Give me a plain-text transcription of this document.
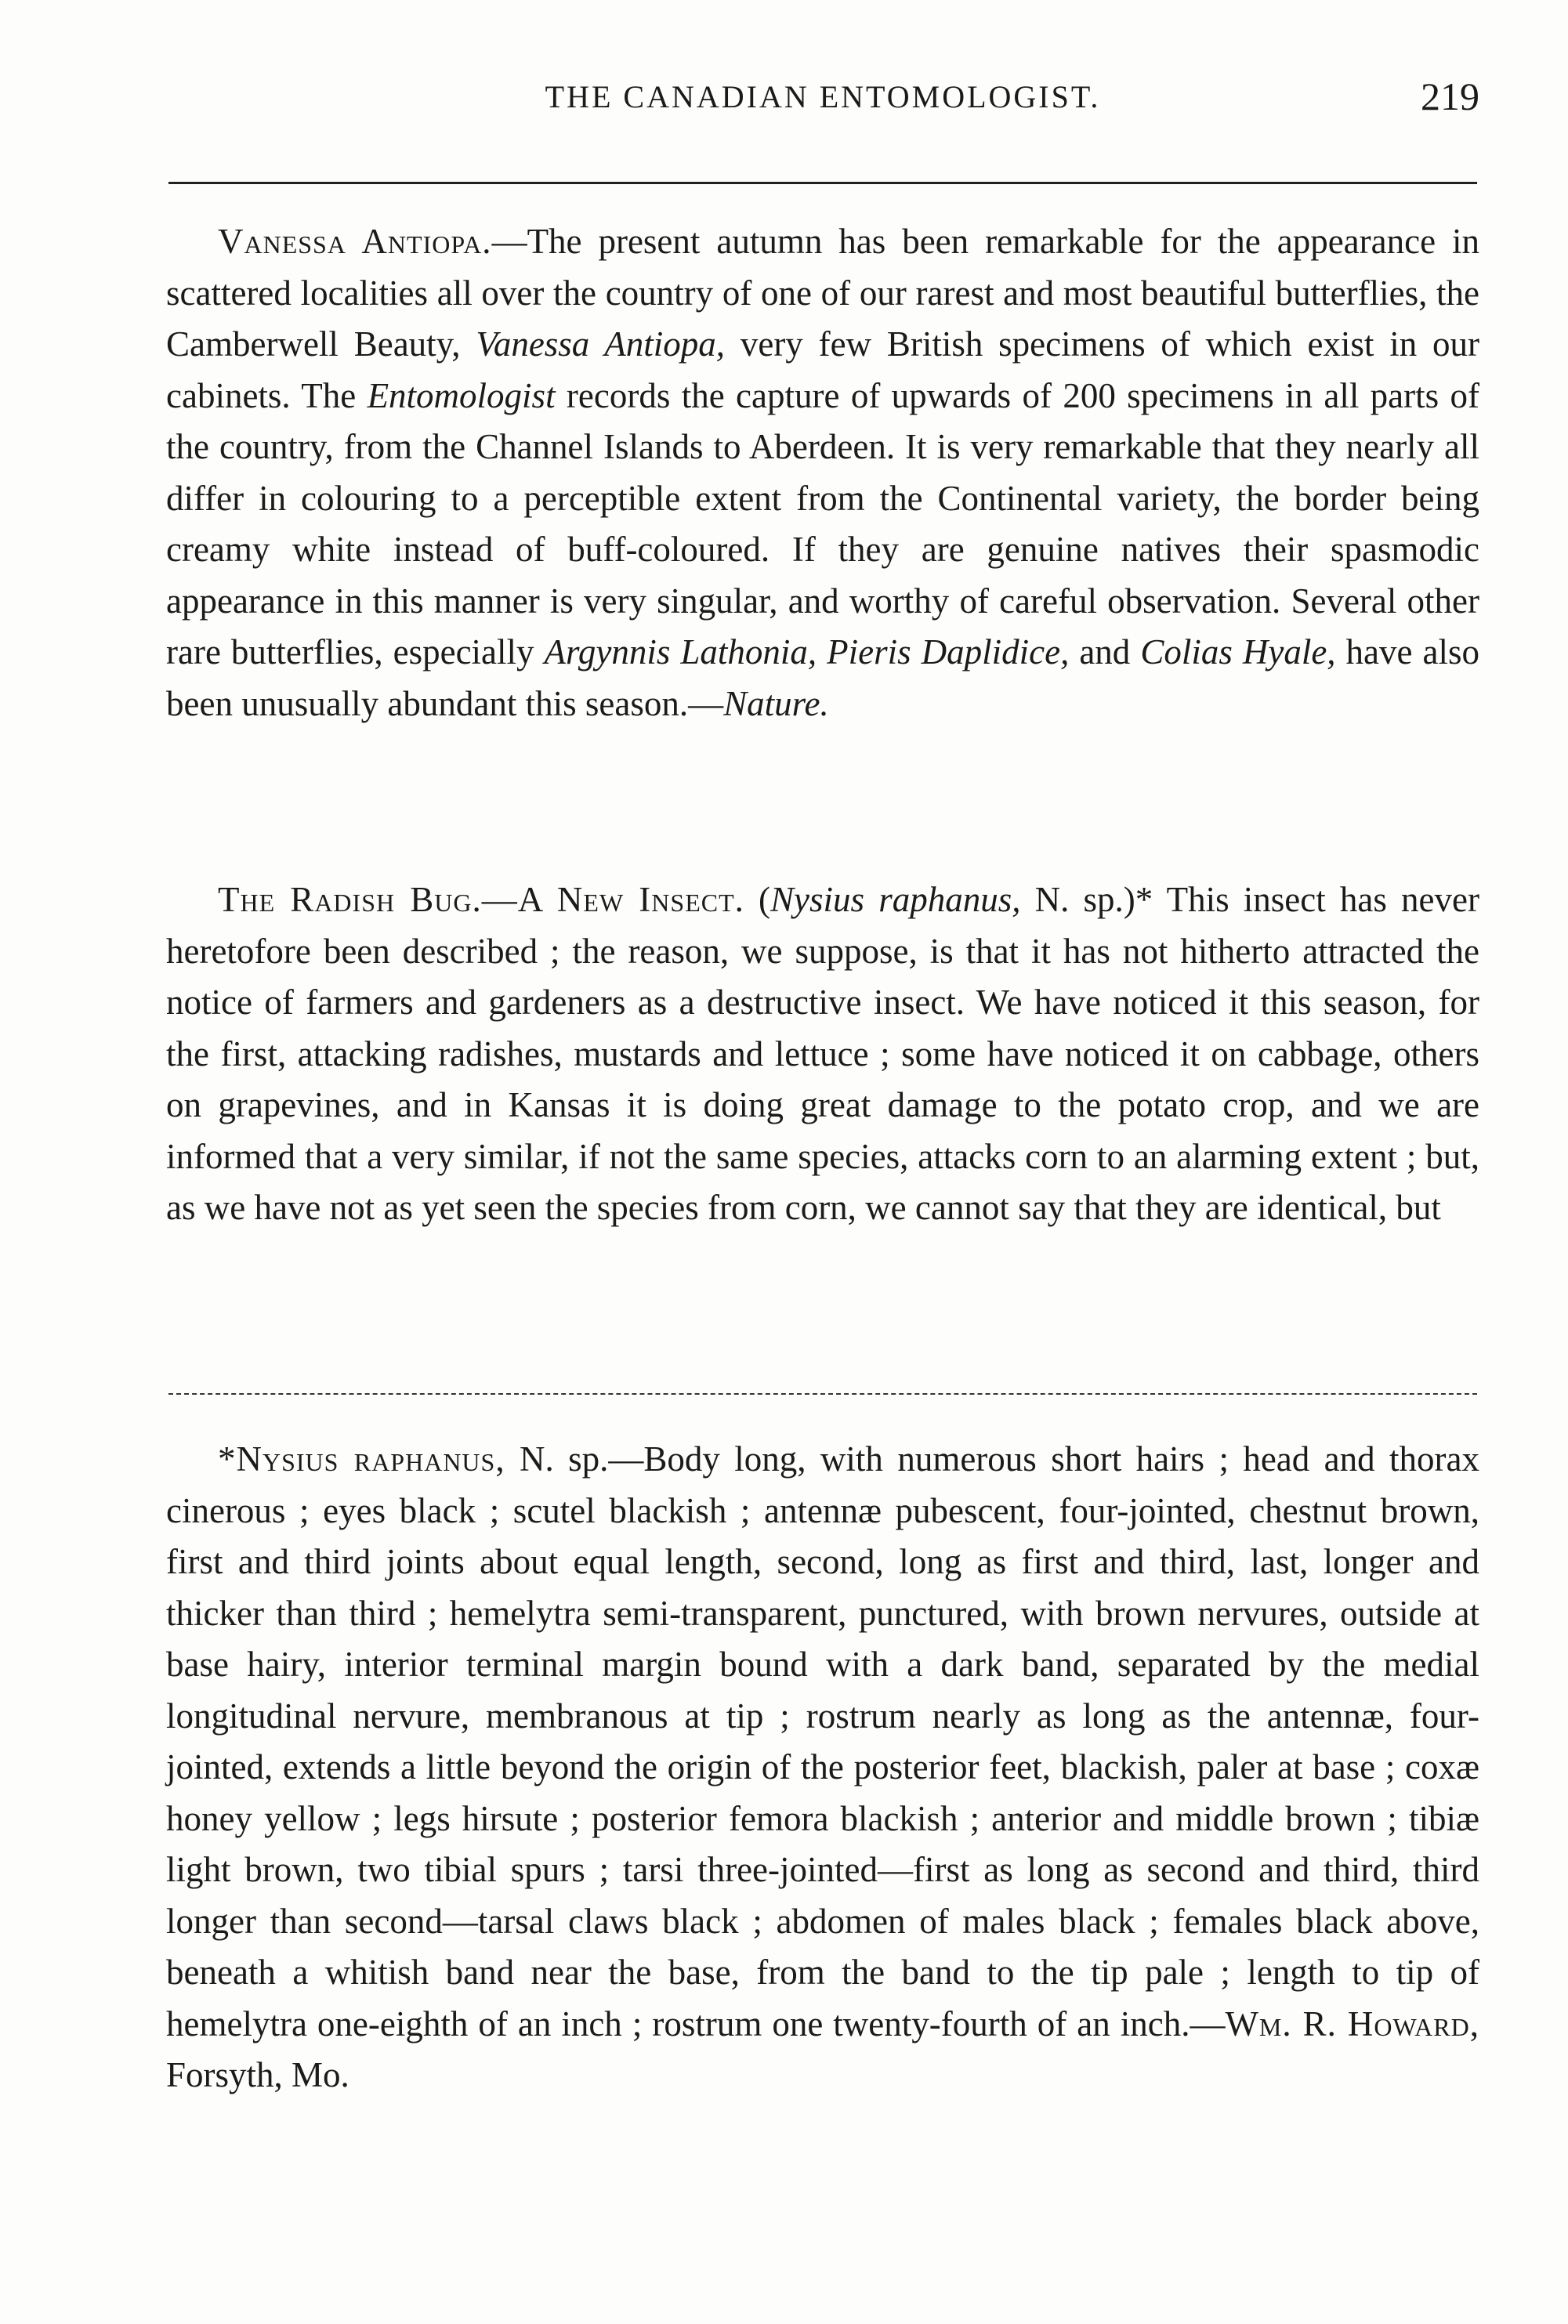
THE CANADIAN ENTOMOLOGIST.	219

Vanessa Antiopa.—The present autumn has been remarkable for the appearance in scattered localities all over the country of one of our rarest and most beautiful butterflies, the Camberwell Beauty, Vanessa Antiopa, very few British specimens of which exist in our cabinets. The Entomologist records the capture of upwards of 200 specimens in all parts of the country, from the Channel Islands to Aberdeen. It is very remarkable that they nearly all differ in colouring to a perceptible extent from the Continental variety, the border being creamy white instead of buff-coloured. If they are genuine natives their spasmodic appearance in this manner is very singular, and worthy of careful observation. Several other rare butterflies, especially Argynnis Lathonia, Pieris Daplidice, and Colias Hyale, have also been unusually abundant this season.—Nature.

The Radish Bug.—A New Insect. (Nysius raphanus, N. sp.)* This insect has never heretofore been described ; the reason, we suppose, is that it has not hitherto attracted the notice of farmers and gardeners as a destructive insect. We have noticed it this season, for the first, attacking radishes, mustards and lettuce ; some have noticed it on cabbage, others on grapevines, and in Kansas it is doing great damage to the potato crop, and we are informed that a very similar, if not the same species, attacks corn to an alarming extent ; but, as we have not as yet seen the species from corn, we cannot say that they are identical, but

*Nysius raphanus, N. sp.—Body long, with numerous short hairs ; head and thorax cinerous ; eyes black ; scutel blackish ; antennæ pubescent, four-jointed, chestnut brown, first and third joints about equal length, second, long as first and third, last, longer and thicker than third ; hemelytra semi-transparent, punctured, with brown nervures, outside at base hairy, interior terminal margin bound with a dark band, separated by the medial longitudinal nervure, membranous at tip ; rostrum nearly as long as the antennæ, four-jointed, extends a little beyond the origin of the posterior feet, blackish, paler at base ; coxæ honey yellow ; legs hirsute ; posterior femora blackish ; anterior and middle brown ; tibiæ light brown, two tibial spurs ; tarsi three-jointed—first as long as second and third, third longer than second—tarsal claws black ; abdomen of males black ; females black above, beneath a whitish band near the base, from the band to the tip pale ; length to tip of hemelytra one-eighth of an inch ; rostrum one twenty-fourth of an inch.—Wm. R. Howard, Forsyth, Mo.
